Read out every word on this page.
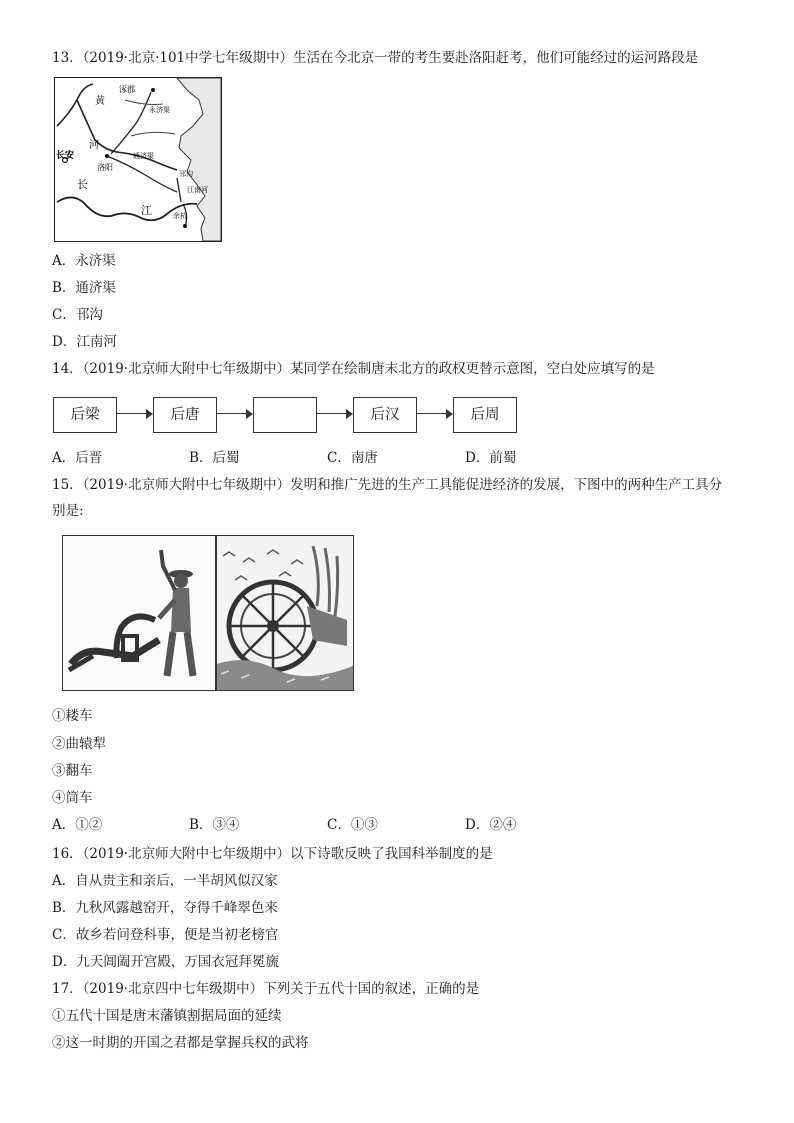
13．（2019·北京·101中学七年级期中）生活在今北京一带的考生要赴洛阳赶考，他们可能经过的运河路段是
黄
河
涿郡
永济渠
长安
洛阳
通济渠
邗沟
江南河
余杭
长
江
A．永济渠
B．通济渠
C．邗沟
D．江南河
14．（2019·北京师大附中七年级期中）某同学在绘制唐末北方的政权更替示意图，空白处应填写的是
后梁	后唐	后汉	后周
A．后晋	B．后蜀	C．南唐	D．前蜀
15．（2019·北京师大附中七年级期中）发明和推广先进的生产工具能促进经济的发展，下图中的两种生产工具分
别是:
①耧车
②曲辕犁
③翻车
④筒车
A．①②	B．③④	C．①③	D．②④
16．（2019·北京师大附中七年级期中）以下诗歌反映了我国科举制度的是
A．自从贵主和亲后，一半胡风似汉家
B．九秋风露越窑开，夺得千峰翠色来
C．故乡若问登科事，便是当初老榜官
D．九天阊阖开宫殿，万国衣冠拜冕旒
17．（2019·北京四中七年级期中）下列关于五代十国的叙述，正确的是
①五代十国是唐末藩镇割据局面的延续
②这一时期的开国之君都是掌握兵权的武将
